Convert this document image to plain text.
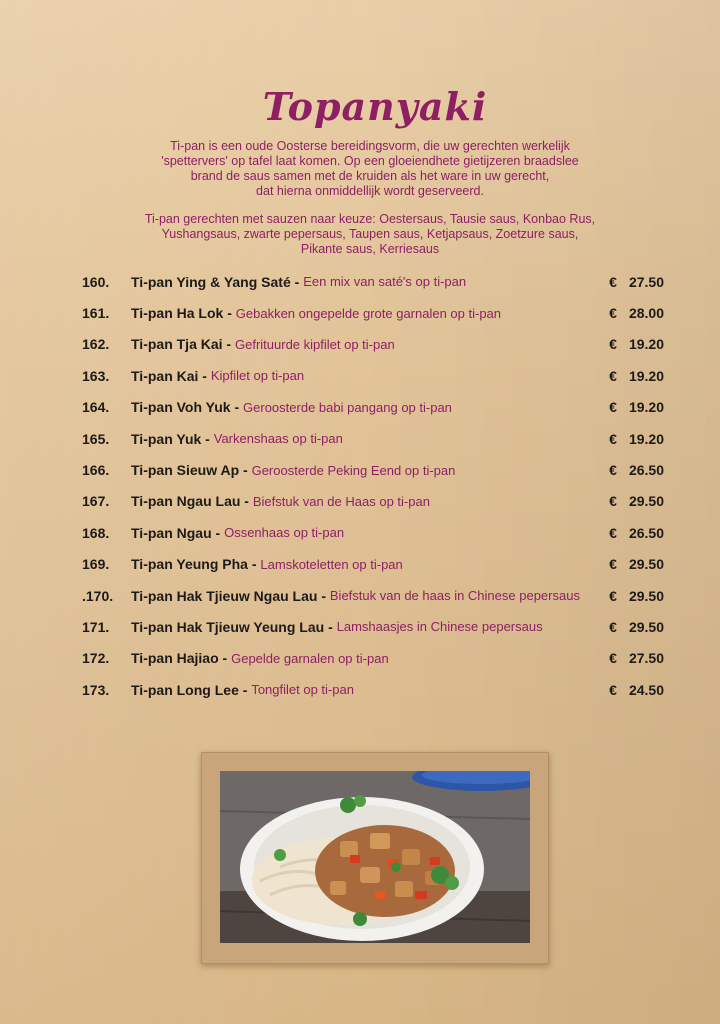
Topanyaki

Ti-pan is een oude Oosterse bereidingsvorm, die uw gerechten werkelijk

'spettervers' op tafel laat komen. Op een gloeiendhete gietijzeren braadslee

brand de saus samen met de kruiden als het ware in uw gerecht,

dat hierna onmiddellijk wordt geserveerd.

Ti-pan gerechten met sauzen naar keuze: Oestersaus, Tausie saus, Konbao Rus,

Yushangsaus, zwarte pepersaus, Taupen saus, Ketjapsaus, Zoetzure saus,

Pikante saus, Kerriesaus

160.	Ti-pan Ying & Yang Saté - Een mix van saté's op ti-pan	€ 27.50
161.	Ti-pan Ha Lok - Gebakken ongepelde grote garnalen op ti-pan	€ 28.00
162.	Ti-pan Tja Kai - Gefrituurde kipfilet op ti-pan	€ 19.20
163.	Ti-pan Kai - Kipfilet op ti-pan	€ 19.20
164.	Ti-pan Voh Yuk - Geroosterde babi pangang op ti-pan	€ 19.20
165.	Ti-pan Yuk - Varkenshaas op ti-pan	€ 19.20
166.	Ti-pan Sieuw Ap - Geroosterde Peking Eend op ti-pan	€ 26.50
167.	Ti-pan Ngau Lau - Biefstuk van de Haas op ti-pan	€ 29.50
168.	Ti-pan Ngau - Ossenhaas op ti-pan	€ 26.50
169.	Ti-pan Yeung Pha - Lamskoteletten op ti-pan	€ 29.50
.170.	Ti-pan Hak Tjieuw Ngau Lau - Biefstuk van de haas in Chinese pepersaus € 29.50
171.	Ti-pan Hak Tjieuw Yeung Lau - Lamshaasjes in Chinese pepersaus	€ 29.50
172.	Ti-pan Hajiao - Gepelde garnalen op ti-pan	€ 27.50
173.	Ti-pan Long Lee - Tongfilet op ti-pan	€ 24.50
